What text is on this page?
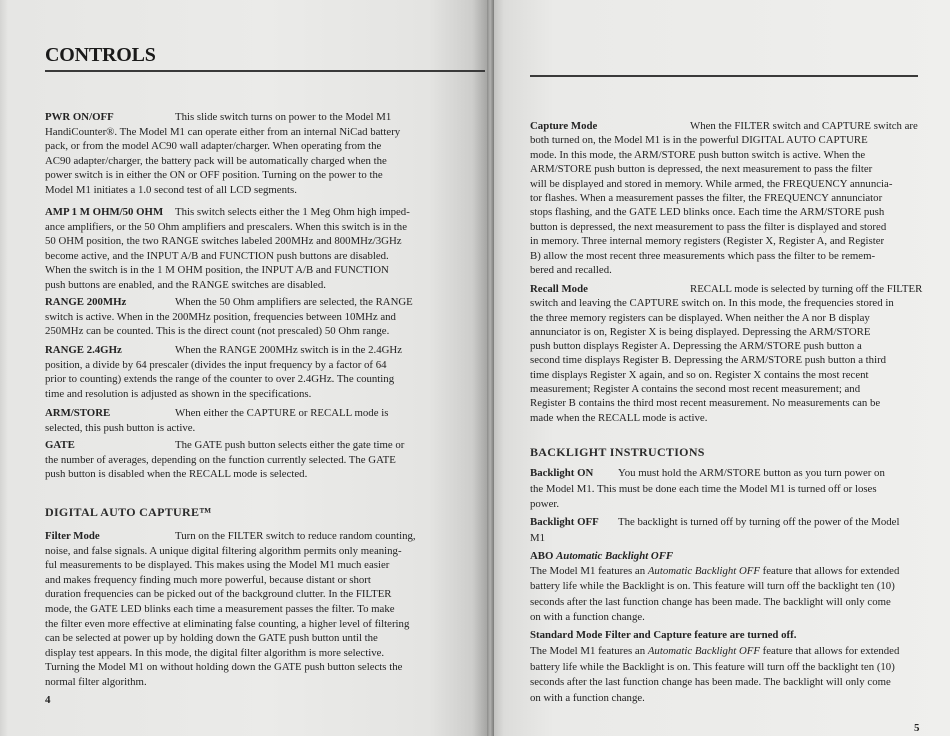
CONTROLS
PWR ON/OFF	This slide switch turns on power to the Model M1
HandiCounter®. The Model M1 can operate either from an internal NiCad battery
pack, or from the model AC90 wall adapter/charger. When operating from the
AC90 adapter/charger, the battery pack will be automatically charged when the
power switch is in either the ON or OFF position. Turning on the power to the
Model M1 initiates a 1.0 second test of all LCD segments.
AMP 1 M OHM/50 OHM	This switch selects either the 1 Meg Ohm high imped-
ance amplifiers, or the 50 Ohm amplifiers and prescalers. When this switch is in the
50 OHM position, the two RANGE switches labeled 200MHz and 800MHz/3GHz
become active, and the INPUT A/B and FUNCTION push buttons are disabled.
When the switch is in the 1 M OHM position, the INPUT A/B and FUNCTION
push buttons are enabled, and the RANGE switches are disabled.
RANGE 200MHz	When the 50 Ohm amplifiers are selected, the RANGE
switch is active. When in the 200MHz position, frequencies between 10MHz and
250MHz can be counted. This is the direct count (not prescaled) 50 Ohm range.
RANGE 2.4GHz	When the RANGE 200MHz switch is in the 2.4GHz
position, a divide by 64 prescaler (divides the input frequency by a factor of 64
prior to counting) extends the range of the counter to over 2.4GHz. The counting
time and resolution is adjusted as shown in the specifications.
ARM/STORE	When either the CAPTURE or RECALL mode is
selected, this push button is active.
GATE	The GATE push button selects either the gate time or
the number of averages, depending on the function currently selected. The GATE
push button is disabled when the RECALL mode is selected.
DIGITAL AUTO CAPTURE™
Filter Mode	Turn on the FILTER switch to reduce random counting,
noise, and false signals. A unique digital filtering algorithm permits only meaning-
ful measurements to be displayed. This makes using the Model M1 much easier
and makes frequency finding much more powerful, because distant or short
duration frequencies can be picked out of the background clutter. In the FILTER
mode, the GATE LED blinks each time a measurement passes the filter. To make
the filter even more effective at eliminating false counting, a higher level of filtering
can be selected at power up by holding down the GATE push button until the
display test appears. In this mode, the digital filter algorithm is more selective.
Turning the Model M1 on without holding down the GATE push button selects the
normal filter algorithm.
4
Capture Mode	When the FILTER switch and CAPTURE switch are
both turned on, the Model M1 is in the powerful DIGITAL AUTO CAPTURE
mode. In this mode, the ARM/STORE push button switch is active. When the
ARM/STORE push button is depressed, the next measurement to pass the filter
will be displayed and stored in memory. While armed, the FREQUENCY annuncia-
tor flashes. When a measurement passes the filter, the FREQUENCY annunciator
stops flashing, and the GATE LED blinks once. Each time the ARM/STORE push
button is depressed, the next measurement to pass the filter is displayed and stored
in memory. Three internal memory registers (Register X, Register A, and Register
B) allow the most recent three measurements which pass the filter to be remem-
bered and recalled.
Recall Mode	RECALL mode is selected by turning off the FILTER
switch and leaving the CAPTURE switch on. In this mode, the frequencies stored in
the three memory registers can be displayed. When neither the A nor B display
annunciator is on, Register X is being displayed. Depressing the ARM/STORE
push button displays Register A. Depressing the ARM/STORE push button a
second time displays Register B. Depressing the ARM/STORE push button a third
time displays Register X again, and so on. Register X contains the most recent
measurement; Register A contains the second most recent measurement; and
Register B contains the third most recent measurement. No measurements can be
made when the RECALL mode is active.
BACKLIGHT INSTRUCTIONS
Backlight ON	You must hold the ARM/STORE button as you turn power on
the Model M1. This must be done each time the Model M1 is turned off or loses
power.
Backlight OFF	The backlight is turned off by turning off the power of the Model
M1
ABO Automatic Backlight OFF
The Model M1 features an Automatic Backlight OFF feature that allows for extended
battery life while the Backlight is on. This feature will turn off the backlight ten (10)
seconds after the last function change has been made. The backlight will only come
on with a function change.
Standard Mode Filter and Capture feature are turned off.
The Model M1 features an Automatic Backlight OFF feature that allows for extended
battery life while the Backlight is on. This feature will turn off the backlight ten (10)
seconds after the last function change has been made. The backlight will only come
on with a function change.
5
